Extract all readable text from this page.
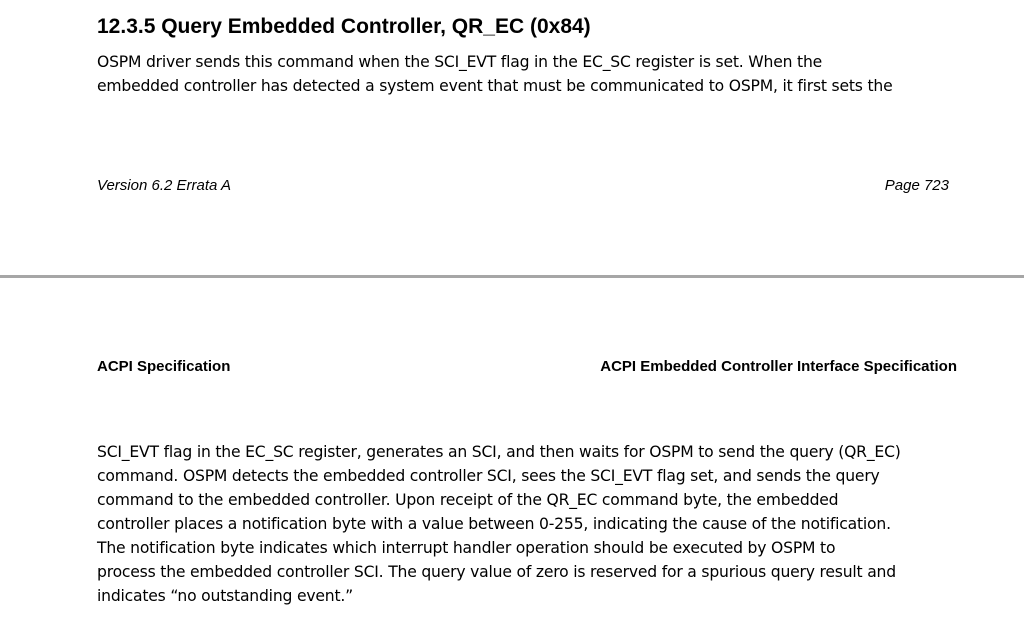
12.3.5 Query Embedded Controller, QR_EC (0x84)

OSPM driver sends this command when the SCI_EVT flag in the EC_SC register is set. When the
embedded controller has detected a system event that must be communicated to OSPM, it first sets the

Version 6.2 Errata A	Page 723
ACPI Specification	ACPI Embedded Controller Interface Specification

SCI_EVT flag in the EC_SC register, generates an SCI, and then waits for OSPM to send the query (QR_EC)
command. OSPM detects the embedded controller SCI, sees the SCI_EVT flag set, and sends the query
command to the embedded controller. Upon receipt of the QR_EC command byte, the embedded
controller places a notification byte with a value between 0-255, indicating the cause of the notification.
The notification byte indicates which interrupt handler operation should be executed by OSPM to
process the embedded controller SCI. The query value of zero is reserved for a spurious query result and
indicates “no outstanding event.”
